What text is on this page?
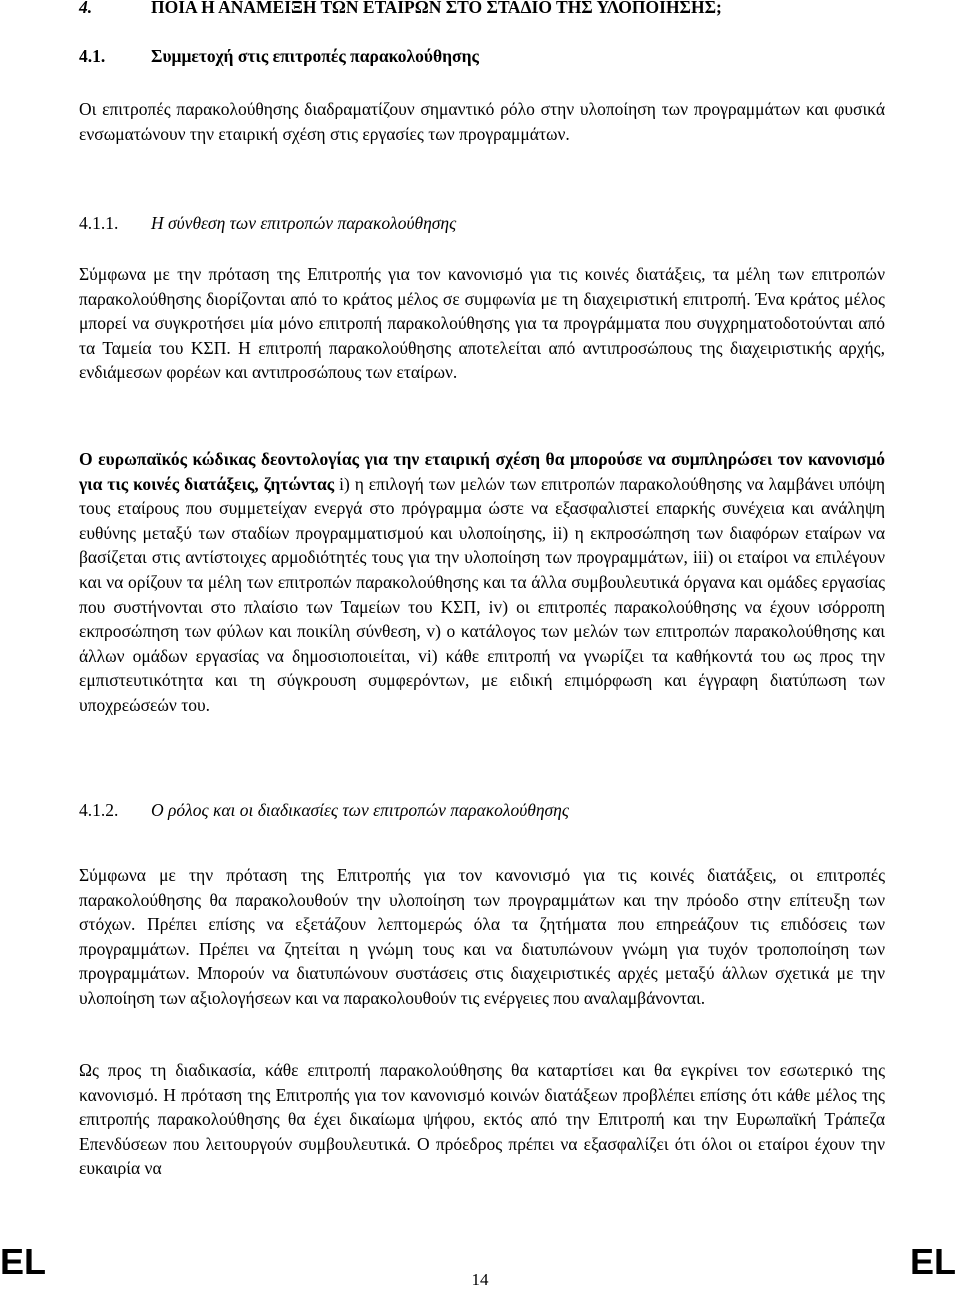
4.	ΠΟΙΑ Η ΑΝΑΜΕΙΞΗ ΤΩΝ ΕΤΑΙΡΩΝ ΣΤΟ ΣΤΑΔΙΟ ΤΗΣ ΥΛΟΠΟΙΗΣΗΣ;
4.1.	Συμμετοχή στις επιτροπές παρακολούθησης
Οι επιτροπές παρακολούθησης διαδραματίζουν σημαντικό ρόλο στην υλοποίηση των προγραμμάτων και φυσικά ενσωματώνουν την εταιρική σχέση στις εργασίες των προγραμμάτων.
4.1.1. Η σύνθεση των επιτροπών παρακολούθησης
Σύμφωνα με την πρόταση της Επιτροπής για τον κανονισμό για τις κοινές διατάξεις, τα μέλη των επιτροπών παρακολούθησης διορίζονται από το κράτος μέλος σε συμφωνία με τη διαχειριστική επιτροπή. Ένα κράτος μέλος μπορεί να συγκροτήσει μία μόνο επιτροπή παρακολούθησης για τα προγράμματα που συγχρηματοδοτούνται από τα Ταμεία του ΚΣΠ. Η επιτροπή παρακολούθησης αποτελείται από αντιπροσώπους της διαχειριστικής αρχής, ενδιάμεσων φορέων και αντιπροσώπους των εταίρων.
Ο ευρωπαϊκός κώδικας δεοντολογίας για την εταιρική σχέση θα μπορούσε να συμπληρώσει τον κανονισμό για τις κοινές διατάξεις, ζητώντας i) η επιλογή των μελών των επιτροπών παρακολούθησης να λαμβάνει υπόψη τους εταίρους που συμμετείχαν ενεργά στο πρόγραμμα ώστε να εξασφαλιστεί επαρκής συνέχεια και ανάληψη ευθύνης μεταξύ των σταδίων προγραμματισμού και υλοποίησης, ii) η εκπροσώπηση των διαφόρων εταίρων να βασίζεται στις αντίστοιχες αρμοδιότητές τους για την υλοποίηση των προγραμμάτων, iii) οι εταίροι να επιλέγουν και να ορίζουν τα μέλη των επιτροπών παρακολούθησης και τα άλλα συμβουλευτικά όργανα και ομάδες εργασίας που συστήνονται στο πλαίσιο των Ταμείων του ΚΣΠ, iv) οι επιτροπές παρακολούθησης να έχουν ισόρροπη εκπροσώπηση των φύλων και ποικίλη σύνθεση, v) ο κατάλογος των μελών των επιτροπών παρακολούθησης και άλλων ομάδων εργασίας να δημοσιοποιείται, vi) κάθε επιτροπή να γνωρίζει τα καθήκοντά του ως προς την εμπιστευτικότητα και τη σύγκρουση συμφερόντων, με ειδική επιμόρφωση και έγγραφη διατύπωση των υποχρεώσεών του.
4.1.2. Ο ρόλος και οι διαδικασίες των επιτροπών παρακολούθησης
Σύμφωνα με την πρόταση της Επιτροπής για τον κανονισμό για τις κοινές διατάξεις, οι επιτροπές παρακολούθησης θα παρακολουθούν την υλοποίηση των προγραμμάτων και την πρόοδο στην επίτευξη των στόχων. Πρέπει επίσης να εξετάζουν λεπτομερώς όλα τα ζητήματα που επηρεάζουν τις επιδόσεις των προγραμμάτων. Πρέπει να ζητείται η γνώμη τους και να διατυπώνουν γνώμη για τυχόν τροποποίηση των προγραμμάτων. Μπορούν να διατυπώνουν συστάσεις στις διαχειριστικές αρχές μεταξύ άλλων σχετικά με την υλοποίηση των αξιολογήσεων και να παρακολουθούν τις ενέργειες που αναλαμβάνονται.
Ως προς τη διαδικασία, κάθε επιτροπή παρακολούθησης θα καταρτίσει και θα εγκρίνει τον εσωτερικό της κανονισμό. Η πρόταση της Επιτροπής για τον κανονισμό κοινών διατάξεων προβλέπει επίσης ότι κάθε μέλος της επιτροπής παρακολούθησης θα έχει δικαίωμα ψήφου, εκτός από την Επιτροπή και την Ευρωπαϊκή Τράπεζα Επενδύσεων που λειτουργούν συμβουλευτικά. Ο πρόεδρος πρέπει να εξασφαλίζει ότι όλοι οι εταίροι έχουν την ευκαιρία να
EL	EL
14
